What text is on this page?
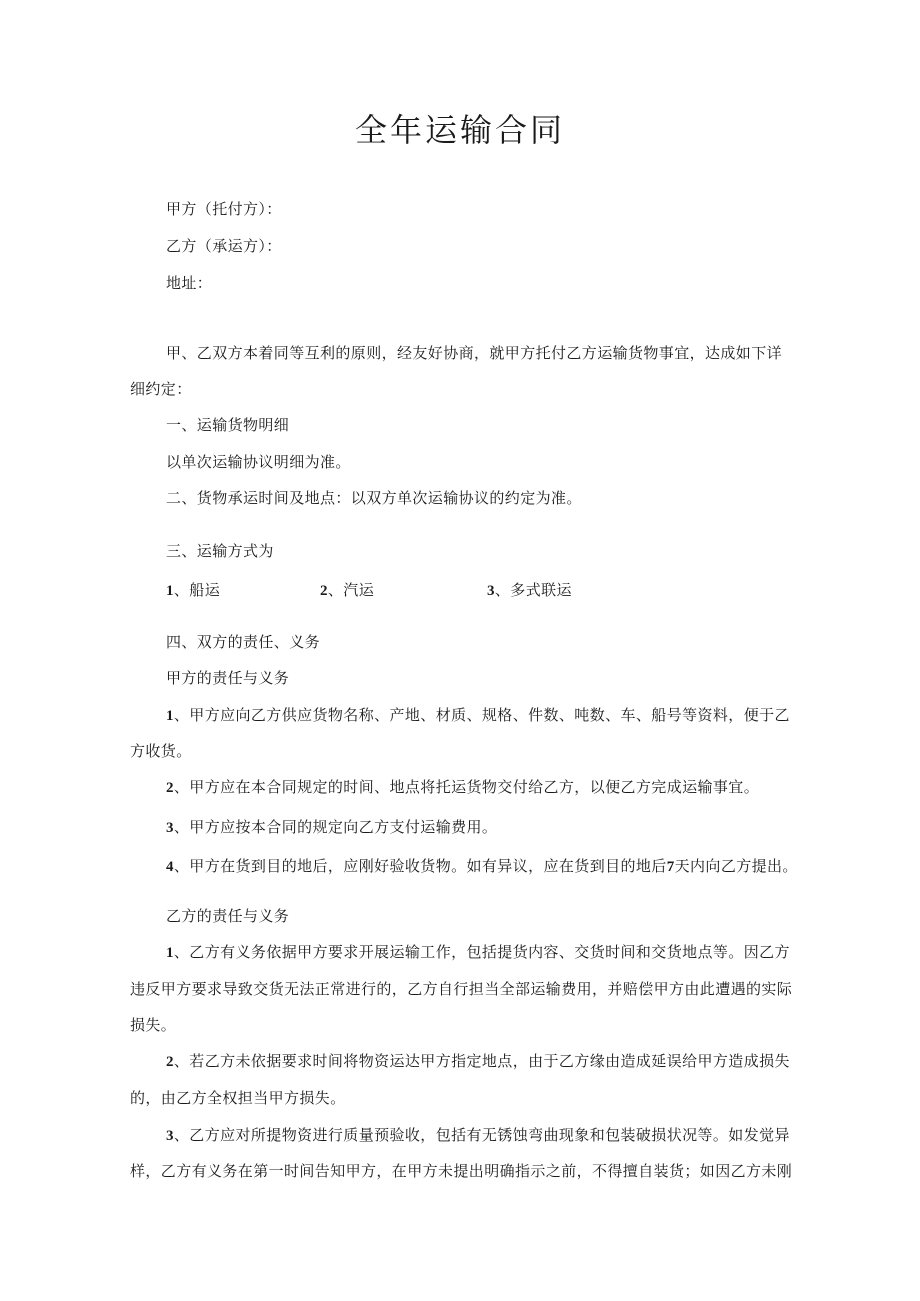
全年运输合同
甲方（托付方）：
乙方（承运方）：
地址：
甲、乙双方本着同等互利的原则，经友好协商，就甲方托付乙方运输货物事宜，达成如下详
细约定：
一、运输货物明细
以单次运输协议明细为准。
二、货物承运时间及地点：以双方单次运输协议的约定为准。
三、运输方式为
1、船运	2、汽运	3、多式联运
四、双方的责任、义务
甲方的责任与义务
1、甲方应向乙方供应货物名称、产地、材质、规格、件数、吨数、车、船号等资料，便于乙
方收货。
2、甲方应在本合同规定的时间、地点将托运货物交付给乙方，以便乙方完成运输事宜。
3、甲方应按本合同的规定向乙方支付运输费用。
4、甲方在货到目的地后，应刚好验收货物。如有异议，应在货到目的地后7天内向乙方提出。
乙方的责任与义务
1、乙方有义务依据甲方要求开展运输工作，包括提货内容、交货时间和交货地点等。因乙方
违反甲方要求导致交货无法正常进行的，乙方自行担当全部运输费用，并赔偿甲方由此遭遇的实际
损失。
2、若乙方未依据要求时间将物资运达甲方指定地点，由于乙方缘由造成延误给甲方造成损失
的，由乙方全权担当甲方损失。
3、乙方应对所提物资进行质量预验收，包括有无锈蚀弯曲现象和包装破损状况等。如发觉异
样，乙方有义务在第一时间告知甲方，在甲方未提出明确指示之前，不得擅自装货；如因乙方未刚
